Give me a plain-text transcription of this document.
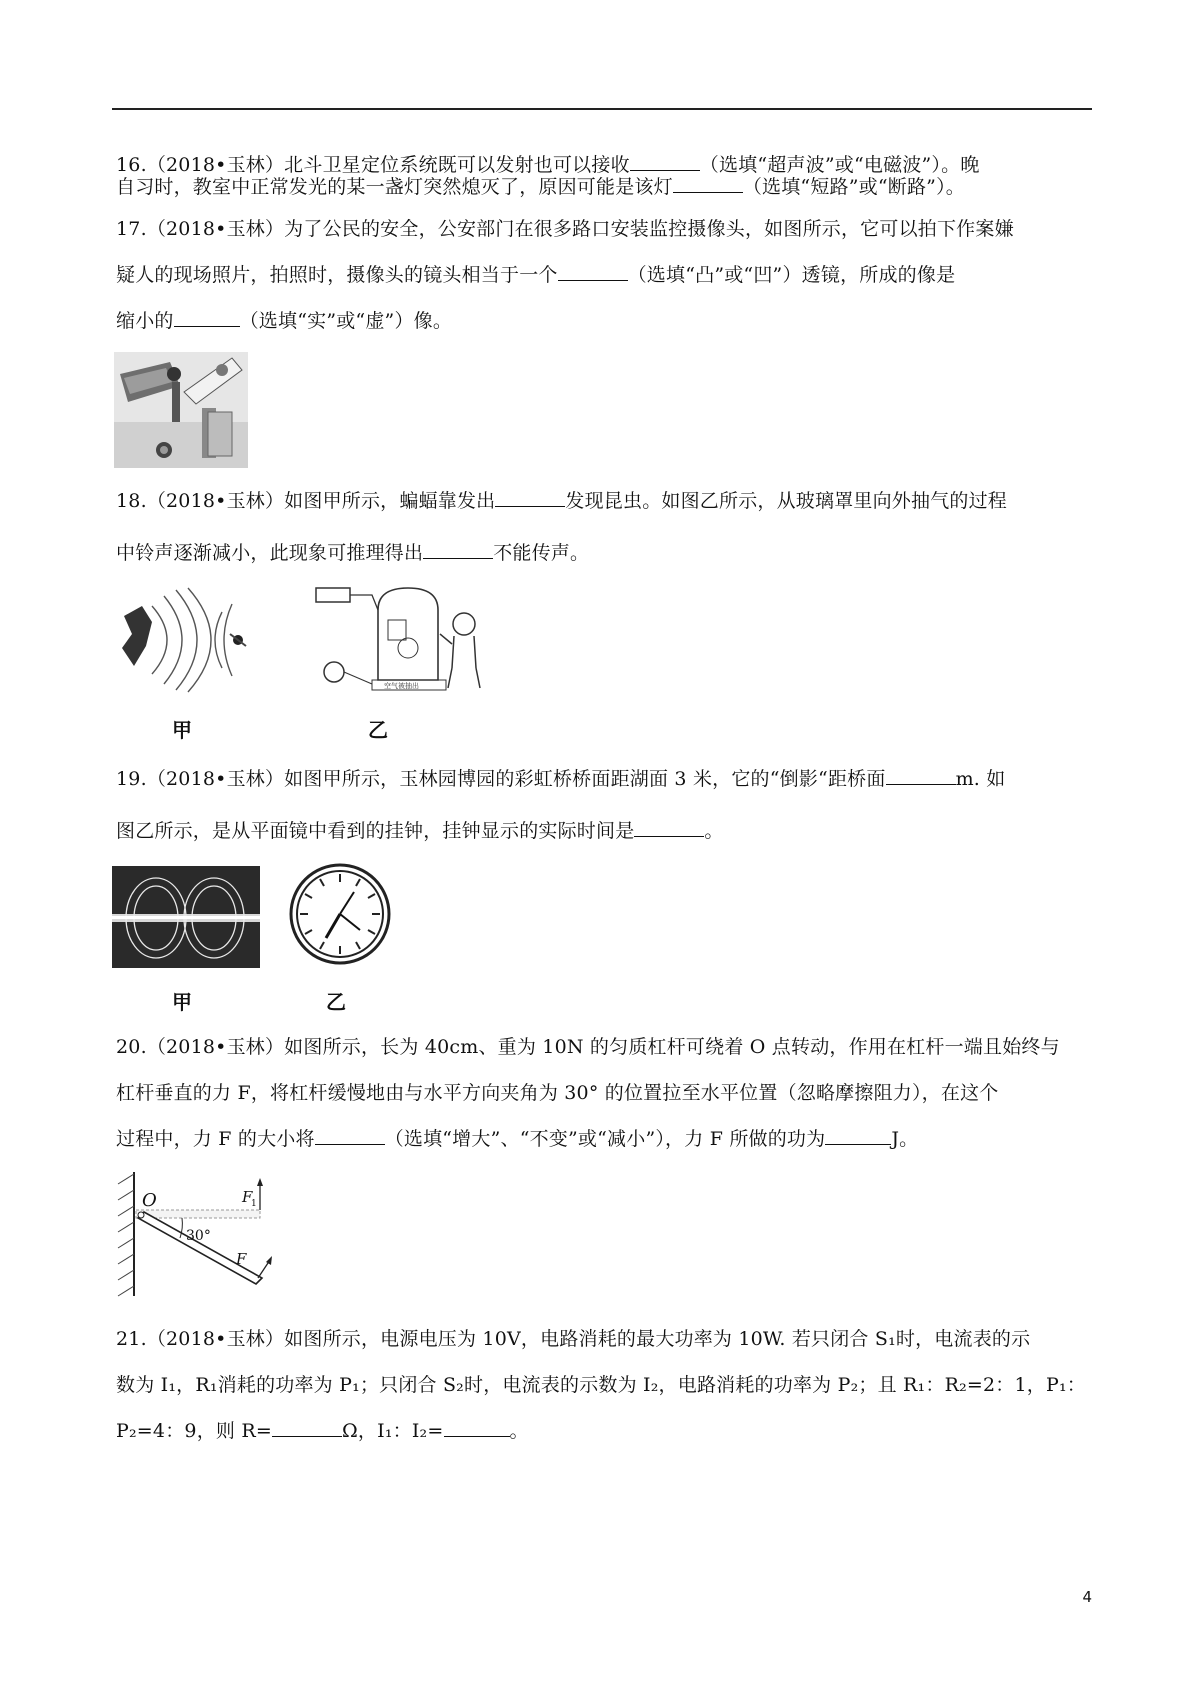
16.（2018•玉林）北斗卫星定位系统既可以发射也可以接收	（选填“超声波”或“电磁波”）。晚
自习时，教室中正常发光的某一盏灯突然熄灭了，原因可能是该灯	（选填“短路”或“断路”）。
17.（2018•玉林）为了公民的安全，公安部门在很多路口安装监控摄像头，如图所示，它可以拍下作案嫌
疑人的现场照片，拍照时，摄像头的镜头相当于一个	（选填“凸”或“凹”）透镜，所成的像是
缩小的	（选填“实”或“虚”）像。
18.（2018•玉林）如图甲所示，蝙蝠靠发出	发现昆虫。如图乙所示，从玻璃罩里向外抽气的过程
中铃声逐渐减小，此现象可推理得出	不能传声。
甲
空气被抽出
乙
19.（2018•玉林）如图甲所示，玉林园博园的彩虹桥桥面距湖面 3 米，它的“倒影“距桥面	m. 如
图乙所示，是从平面镜中看到的挂钟，挂钟显示的实际时间是	。
甲	乙
20.（2018•玉林）如图所示，长为 40cm、重为 10N 的匀质杠杆可绕着 O 点转动，作用在杠杆一端且始终与
杠杆垂直的力 F，将杠杆缓慢地由与水平方向夹角为 30° 的位置拉至水平位置（忽略摩擦阻力），在这个
过程中，力 F 的大小将	（选填“增大”、“不变”或“减小”），力 F 所做的功为	J。
O	F
1
F
30°
21.（2018•玉林）如图所示，电源电压为 10V，电路消耗的最大功率为 10W. 若只闭合 S₁时，电流表的示
数为 I₁，R₁消耗的功率为 P₁；只闭合 S₂时，电流表的示数为 I₂，电路消耗的功率为 P₂；且 R₁：R₂=2：1，P₁：
P₂=4：9，则 R=	Ω，I₁：I₂=	。
4
